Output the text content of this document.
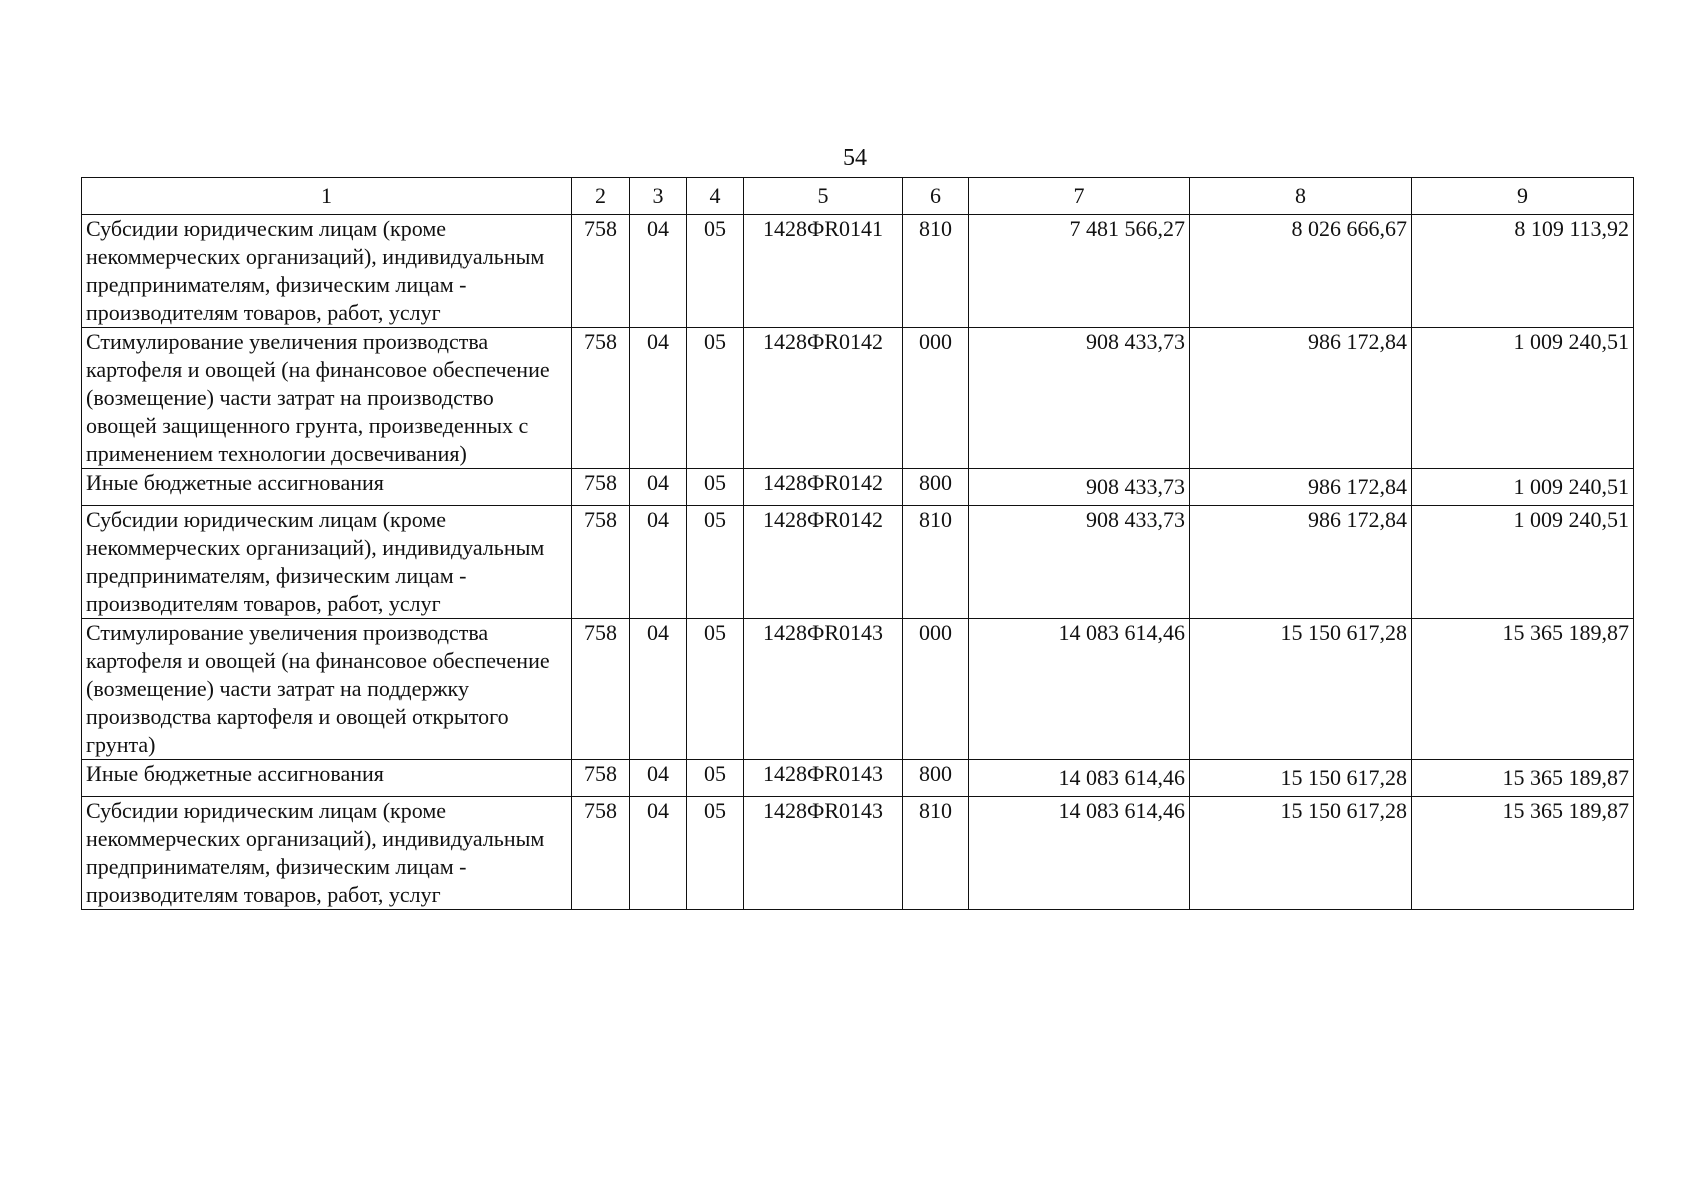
54
1	2	3	4	5	6	7	8	9
Субсидии юридическим лицам (кроме некоммерческих организаций), индивидуальным предпринимателям, физическим лицам - производителям товаров, работ, услуг	758	04	05	1428ФR0141	810	7 481 566,27	8 026 666,67	8 109 113,92
Стимулирование увеличения производства картофеля и овощей (на финансовое обеспечение (возмещение) части затрат на производство овощей защищенного грунта, произведенных с применением технологии досвечивания)	758	04	05	1428ФR0142	000	908 433,73	986 172,84	1 009 240,51
Иные бюджетные ассигнования	758	04	05	1428ФR0142	800	908 433,73	986 172,84	1 009 240,51
Субсидии юридическим лицам (кроме некоммерческих организаций), индивидуальным предпринимателям, физическим лицам - производителям товаров, работ, услуг	758	04	05	1428ФR0142	810	908 433,73	986 172,84	1 009 240,51
Стимулирование увеличения производства картофеля и овощей (на финансовое обеспечение (возмещение) части затрат на поддержку производства картофеля и овощей открытого грунта)	758	04	05	1428ФR0143	000	14 083 614,46	15 150 617,28	15 365 189,87
Иные бюджетные ассигнования	758	04	05	1428ФR0143	800	14 083 614,46	15 150 617,28	15 365 189,87
Субсидии юридическим лицам (кроме некоммерческих организаций), индивидуальным предпринимателям, физическим лицам - производителям товаров, работ, услуг	758	04	05	1428ФR0143	810	14 083 614,46	15 150 617,28	15 365 189,87
